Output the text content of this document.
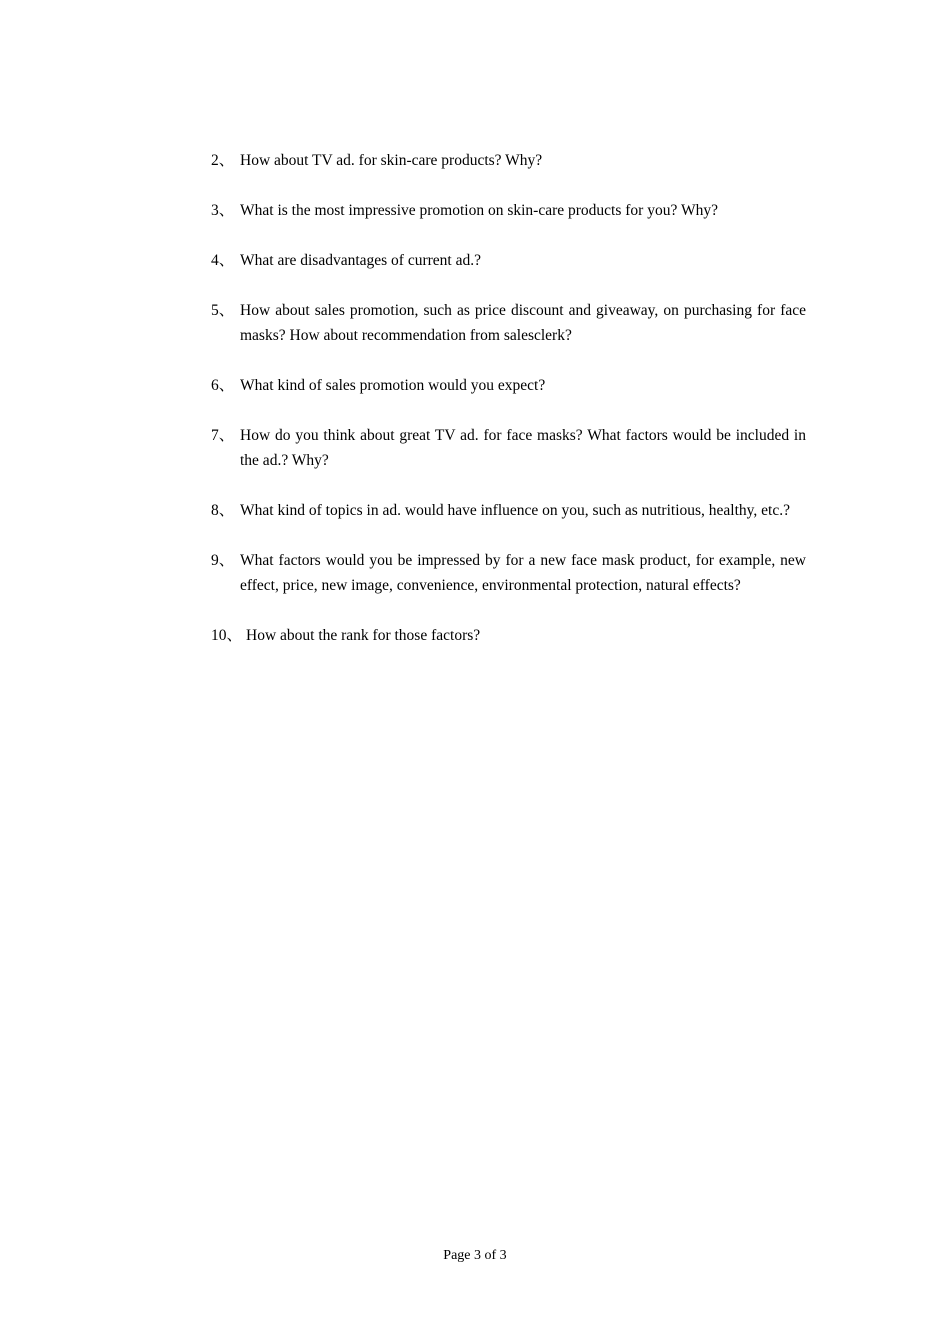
2、 How about TV ad. for skin-care products? Why?
3、 What is the most impressive promotion on skin-care products for you? Why?
4、 What are disadvantages of current ad.?
5、 How about sales promotion, such as price discount and giveaway, on purchasing for face masks? How about recommendation from salesclerk?
6、 What kind of sales promotion would you expect?
7、 How do you think about great TV ad. for face masks? What factors would be included in the ad.? Why?
8、 What kind of topics in ad. would have influence on you, such as nutritious, healthy, etc.?
9、 What factors would you be impressed by for a new face mask product, for example, new effect, price, new image, convenience, environmental protection, natural effects?
10、 How about the rank for those factors?
Page 3 of 3
